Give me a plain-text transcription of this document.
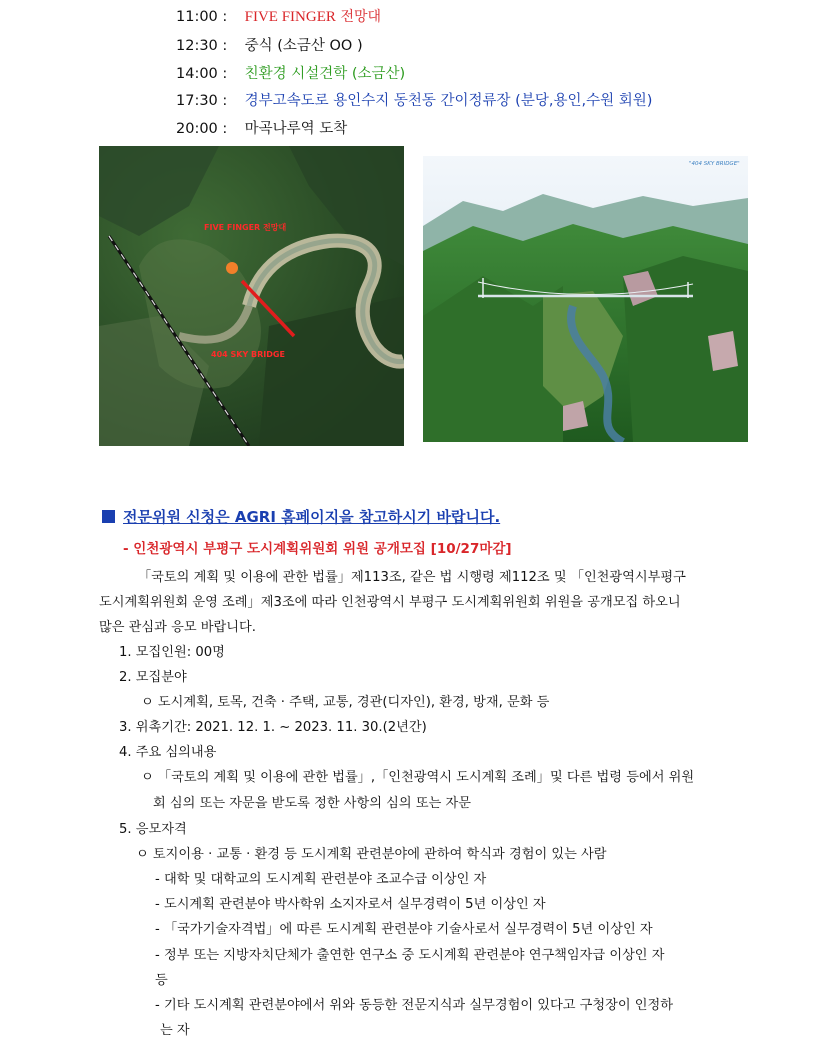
11:00 : FIVE FINGER 전망대
12:30 : 중식 (소금산 OO )
14:00 : 친환경 시설견학 (소금산)
17:30 : 경부고속도로 용인수지 동천동 간이정류장 (분당,용인,수원 회원)
20:00 : 마곡나루역 도착
FIVE FINGER 전망대
404 SKY BRIDGE
"404 SKY BRIDGE"
전문위원 신청은 AGRI 홈페이지을 참고하시기 바랍니다.
- 인천광역시 부평구 도시계획위원회 위원 공개모집 [10/27마감]
「국토의 계획 및 이용에 관한 법률」제113조, 같은 법 시행령 제112조 및 「인천광역시부평구
도시계획위원회 운영 조례」제3조에 따라 인천광역시 부평구 도시계획위원회 위원을 공개모집 하오니
많은 관심과 응모 바랍니다.
1. 모집인원: 00명
2. 모집분야
ㅇ 도시계획, 토목, 건축 · 주택, 교통, 경관(디자인), 환경, 방재, 문화 등
3. 위촉기간: 2021. 12. 1. ~ 2023. 11. 30.(2년간)
4. 주요 심의내용
ㅇ 「국토의 계획 및 이용에 관한 법률」,「인천광역시 도시계획 조례」및 다른 법령 등에서 위원
회 심의 또는 자문을 받도록 정한 사항의 심의 또는 자문
5. 응모자격
ㅇ 토지이용 · 교통 · 환경 등 도시계획 관련분야에 관하여 학식과 경험이 있는 사람
- 대학 및 대학교의 도시계획 관련분야 조교수급 이상인 자
- 도시계획 관련분야 박사학위 소지자로서 실무경력이 5년 이상인 자
- 「국가기술자격법」에 따른 도시계획 관련분야 기술사로서 실무경력이 5년 이상인 자
- 정부 또는 지방자치단체가 출연한 연구소 중 도시계획 관련분야 연구책임자급 이상인 자
등
- 기타 도시계획 관련분야에서 위와 동등한 전문지식과 실무경험이 있다고 구청장이 인정하
는 자
